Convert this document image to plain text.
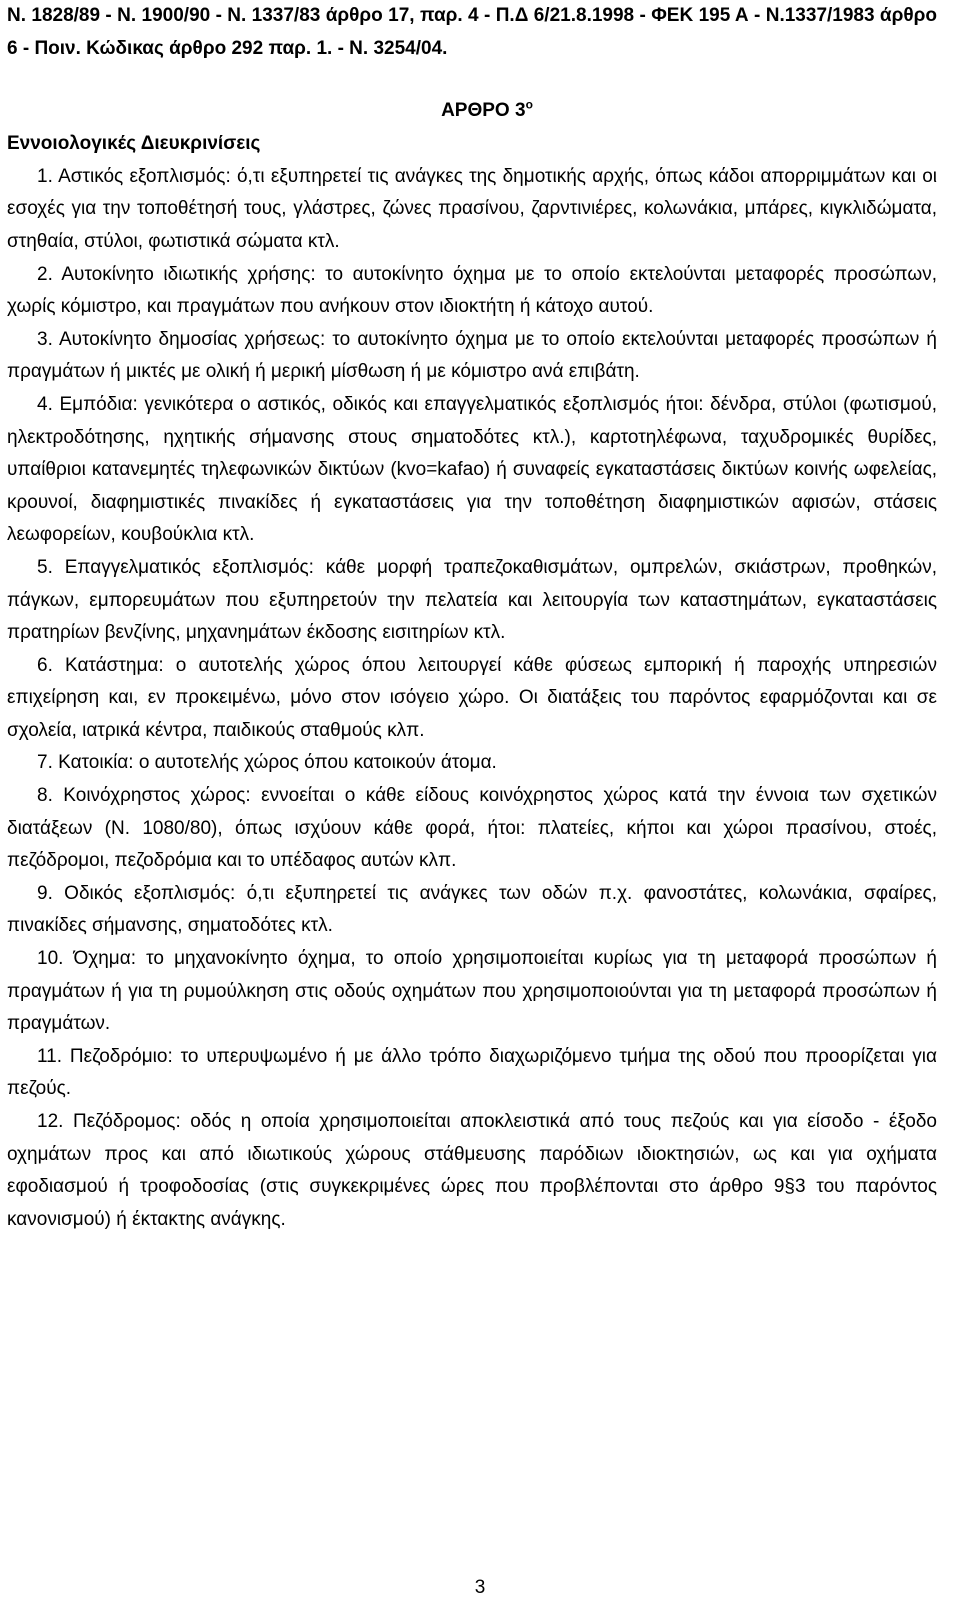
Ν. 1828/89 - Ν. 1900/90 - Ν. 1337/83 άρθρο 17, παρ. 4 - Π.Δ 6/21.8.1998 - ΦΕΚ 195 Α - Ν.1337/1983 άρθρο 6 - Ποιν. Κώδικας άρθρο 292 παρ. 1. - Ν. 3254/04.

ΑΡΘΡΟ $3^o$

Εννοιολογικές Διευκρινίσεις

1. Αστικός εξοπλισμός: ό,τι εξυπηρετεί τις ανάγκες της δημοτικής αρχής, όπως κάδοι απορριμμάτων και οι εσοχές για την τοποθέτησή τους, γλάστρες, ζώνες πρασίνου, ζαρντινιέρες, κολωνάκια, μπάρες, κιγκλιδώματα, στηθαία, στύλοι, φωτιστικά σώματα κτλ.

2. Αυτοκίνητο ιδιωτικής χρήσης: το αυτοκίνητο όχημα με το οποίο εκτελούνται μεταφορές προσώπων, χωρίς κόμιστρο, και πραγμάτων που ανήκουν στον ιδιοκτήτη ή κάτοχο αυτού.

3. Αυτοκίνητο δημοσίας χρήσεως: το αυτοκίνητο όχημα με το οποίο εκτελούνται μεταφορές προσώπων ή πραγμάτων ή μικτές με ολική ή μερική μίσθωση ή με κόμιστρο ανά επιβάτη.

4. Εμπόδια: γενικότερα ο αστικός, οδικός και επαγγελματικός εξοπλισμός ήτοι: δένδρα, στύλοι (φωτισμού, ηλεκτροδότησης, ηχητικής σήμανσης στους σηματοδότες κτλ.), καρτοτηλέφωνα, ταχυδρομικές θυρίδες, υπαίθριοι κατανεμητές τηλεφωνικών δικτύων (kvo=kafao) ή συναφείς εγκαταστάσεις δικτύων κοινής ωφελείας, κρουνοί, διαφημιστικές πινακίδες ή εγκαταστάσεις για την τοποθέτηση διαφημιστικών αφισών, στάσεις λεωφορείων, κουβούκλια κτλ.

5. Επαγγελματικός εξοπλισμός: κάθε μορφή τραπεζοκαθισμάτων, ομπρελών, σκιάστρων, προθηκών, πάγκων, εμπορευμάτων που εξυπηρετούν την πελατεία και λειτουργία των καταστημάτων, εγκαταστάσεις πρατηρίων βενζίνης, μηχανημάτων έκδοσης εισιτηρίων κτλ.

6. Κατάστημα: ο αυτοτελής χώρος όπου λειτουργεί κάθε φύσεως εμπορική ή παροχής υπηρεσιών επιχείρηση και, εν προκειμένω, μόνο στον ισόγειο χώρο. Οι διατάξεις του παρόντος εφαρμόζονται και σε σχολεία, ιατρικά κέντρα, παιδικούς σταθμούς κλπ.

7. Κατοικία: ο αυτοτελής χώρος όπου κατοικούν άτομα.

8. Κοινόχρηστος χώρος: εννοείται ο κάθε είδους κοινόχρηστος χώρος κατά την έννοια των σχετικών διατάξεων (Ν. 1080/80), όπως ισχύουν κάθε φορά, ήτοι: πλατείες, κήποι και χώροι πρασίνου, στοές, πεζόδρομοι, πεζοδρόμια και το υπέδαφος αυτών κλπ.

9. Οδικός εξοπλισμός: ό,τι εξυπηρετεί τις ανάγκες των οδών π.χ. φανοστάτες, κολωνάκια, σφαίρες, πινακίδες σήμανσης, σηματοδότες κτλ.

10. Όχημα: το μηχανοκίνητο όχημα, το οποίο χρησιμοποιείται κυρίως για τη μεταφορά προσώπων ή πραγμάτων ή για τη ρυμούλκηση στις οδούς οχημάτων που χρησιμοποιούνται για τη μεταφορά προσώπων ή πραγμάτων.

11. Πεζοδρόμιο: το υπερυψωμένο ή με άλλο τρόπο διαχωριζόμενο τμήμα της οδού που προορίζεται για πεζούς.

12. Πεζόδρομος: οδός η οποία χρησιμοποιείται αποκλειστικά από τους πεζούς και για είσοδο - έξοδο οχημάτων προς και από ιδιωτικούς χώρους στάθμευσης παρόδιων ιδιοκτησιών, ως και για οχήματα εφοδιασμού ή τροφοδοσίας (στις συγκεκριμένες ώρες που προβλέπονται στο άρθρο 9§3 του παρόντος κανονισμού) ή έκτακτης ανάγκης.

3
